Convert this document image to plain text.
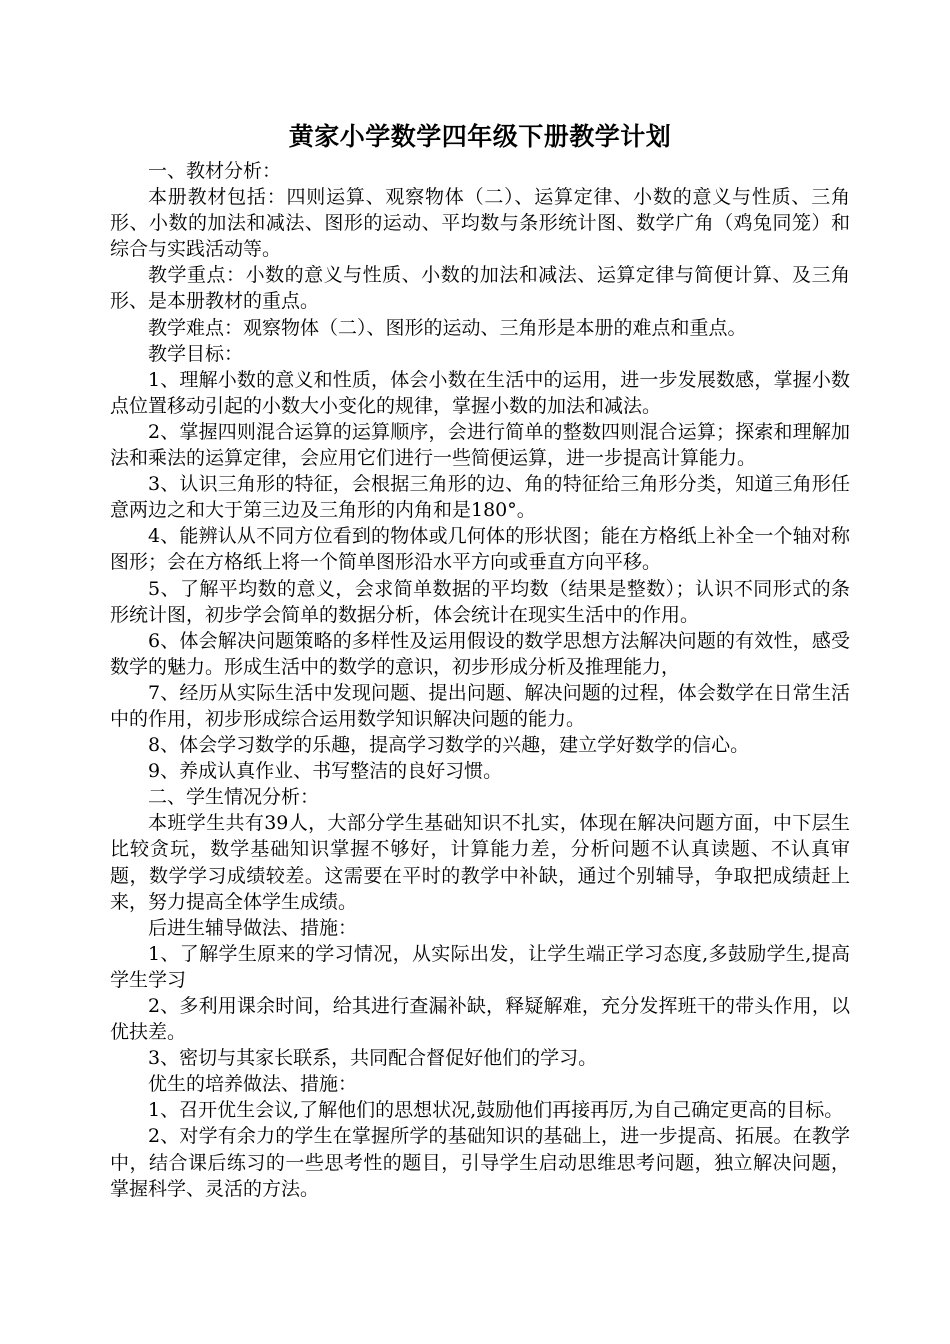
黄家小学数学四年级下册教学计划

一、教材分析：

本册教材包括：四则运算、观察物体（二）、运算定律、小数的意义与性质、三角形、小数的加法和减法、图形的运动、平均数与条形统计图、数学广角（鸡兔同笼）和综合与实践活动等。

教学重点：小数的意义与性质、小数的加法和减法、运算定律与简便计算、及三角形、是本册教材的重点。

教学难点：观察物体（二）、图形的运动、三角形是本册的难点和重点。

教学目标：

1、理解小数的意义和性质，体会小数在生活中的运用，进一步发展数感，掌握小数点位置移动引起的小数大小变化的规律，掌握小数的加法和减法。

2、掌握四则混合运算的运算顺序，会进行简单的整数四则混合运算；探索和理解加法和乘法的运算定律，会应用它们进行一些简便运算，进一步提高计算能力。

3、认识三角形的特征，会根据三角形的边、角的特征给三角形分类，知道三角形任意两边之和大于第三边及三角形的内角和是180°。

4、能辨认从不同方位看到的物体或几何体的形状图；能在方格纸上补全一个轴对称图形；会在方格纸上将一个简单图形沿水平方向或垂直方向平移。

5、了解平均数的意义，会求简单数据的平均数（结果是整数）；认识不同形式的条形统计图，初步学会简单的数据分析，体会统计在现实生活中的作用。

6、体会解决问题策略的多样性及运用假设的数学思想方法解决问题的有效性，感受数学的魅力。形成生活中的数学的意识，初步形成分析及推理能力，

7、经历从实际生活中发现问题、提出问题、解决问题的过程，体会数学在日常生活中的作用，初步形成综合运用数学知识解决问题的能力。

8、体会学习数学的乐趣，提高学习数学的兴趣，建立学好数学的信心。

9、养成认真作业、书写整洁的良好习惯。

二、学生情况分析：

本班学生共有39人，大部分学生基础知识不扎实，体现在解决问题方面，中下层生比较贪玩，数学基础知识掌握不够好，计算能力差，分析问题不认真读题、不认真审题，数学学习成绩较差。这需要在平时的教学中补缺，通过个别辅导，争取把成绩赶上来，努力提高全体学生成绩。

后进生辅导做法、措施：

1、了解学生原来的学习情况，从实际出发，让学生端正学习态度,多鼓励学生,提高学生学习

2、多利用课余时间，给其进行查漏补缺，释疑解难，充分发挥班干的带头作用，以优扶差。

3、密切与其家长联系，共同配合督促好他们的学习。

优生的培养做法、措施：

1、召开优生会议,了解他们的思想状况,鼓励他们再接再厉,为自己确定更高的目标。

2、对学有余力的学生在掌握所学的基础知识的基础上，进一步提高、拓展。在教学中，结合课后练习的一些思考性的题目，引导学生启动思维思考问题，独立解决问题，掌握科学、灵活的方法。
